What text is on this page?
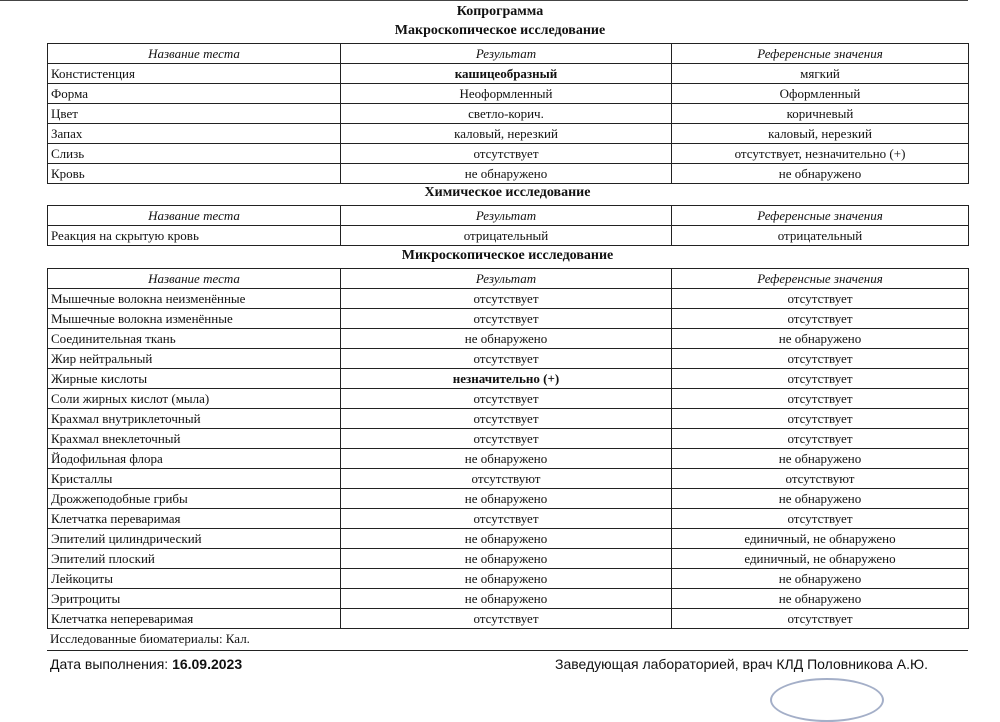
Копрограмма
Макроскопическое исследование
Название теста	Результат	Референсные значения
Констистенция	кашицеобразный	мягкий
Форма	Неоформленный	Оформленный
Цвет	светло-корич.	коричневый
Запах	каловый, нерезкий	каловый, нерезкий
Слизь	отсутствует	отсутствует, незначительно (+)
Кровь	не обнаружено	не обнаружено
Химическое исследование
Название теста	Результат	Референсные значения
Реакция на скрытую кровь	отрицательный	отрицательный
Микроскопическое исследование
Название теста	Результат	Референсные значения
Мышечные волокна неизменённые	отсутствует	отсутствует
Мышечные волокна изменённые	отсутствует	отсутствует
Соединительная ткань	не обнаружено	не обнаружено
Жир нейтральный	отсутствует	отсутствует
Жирные кислоты	незначительно (+)	отсутствует
Соли жирных кислот (мыла)	отсутствует	отсутствует
Крахмал внутриклеточный	отсутствует	отсутствует
Крахмал внеклеточный	отсутствует	отсутствует
Йодофильная флора	не обнаружено	не обнаружено
Кристаллы	отсутствуют	отсутствуют
Дрожжеподобные грибы	не обнаружено	не обнаружено
Клетчатка переваримая	отсутствует	отсутствует
Эпителий цилиндрический	не обнаружено	единичный, не обнаружено
Эпителий плоский	не обнаружено	единичный, не обнаружено
Лейкоциты	не обнаружено	не обнаружено
Эритроциты	не обнаружено	не обнаружено
Клетчатка непереваримая	отсутствует	отсутствует
Исследованные биоматериалы: Кал.
Дата выполнения: 16.09.2023	Заведующая лабораторией, врач КЛД Половникова А.Ю.
